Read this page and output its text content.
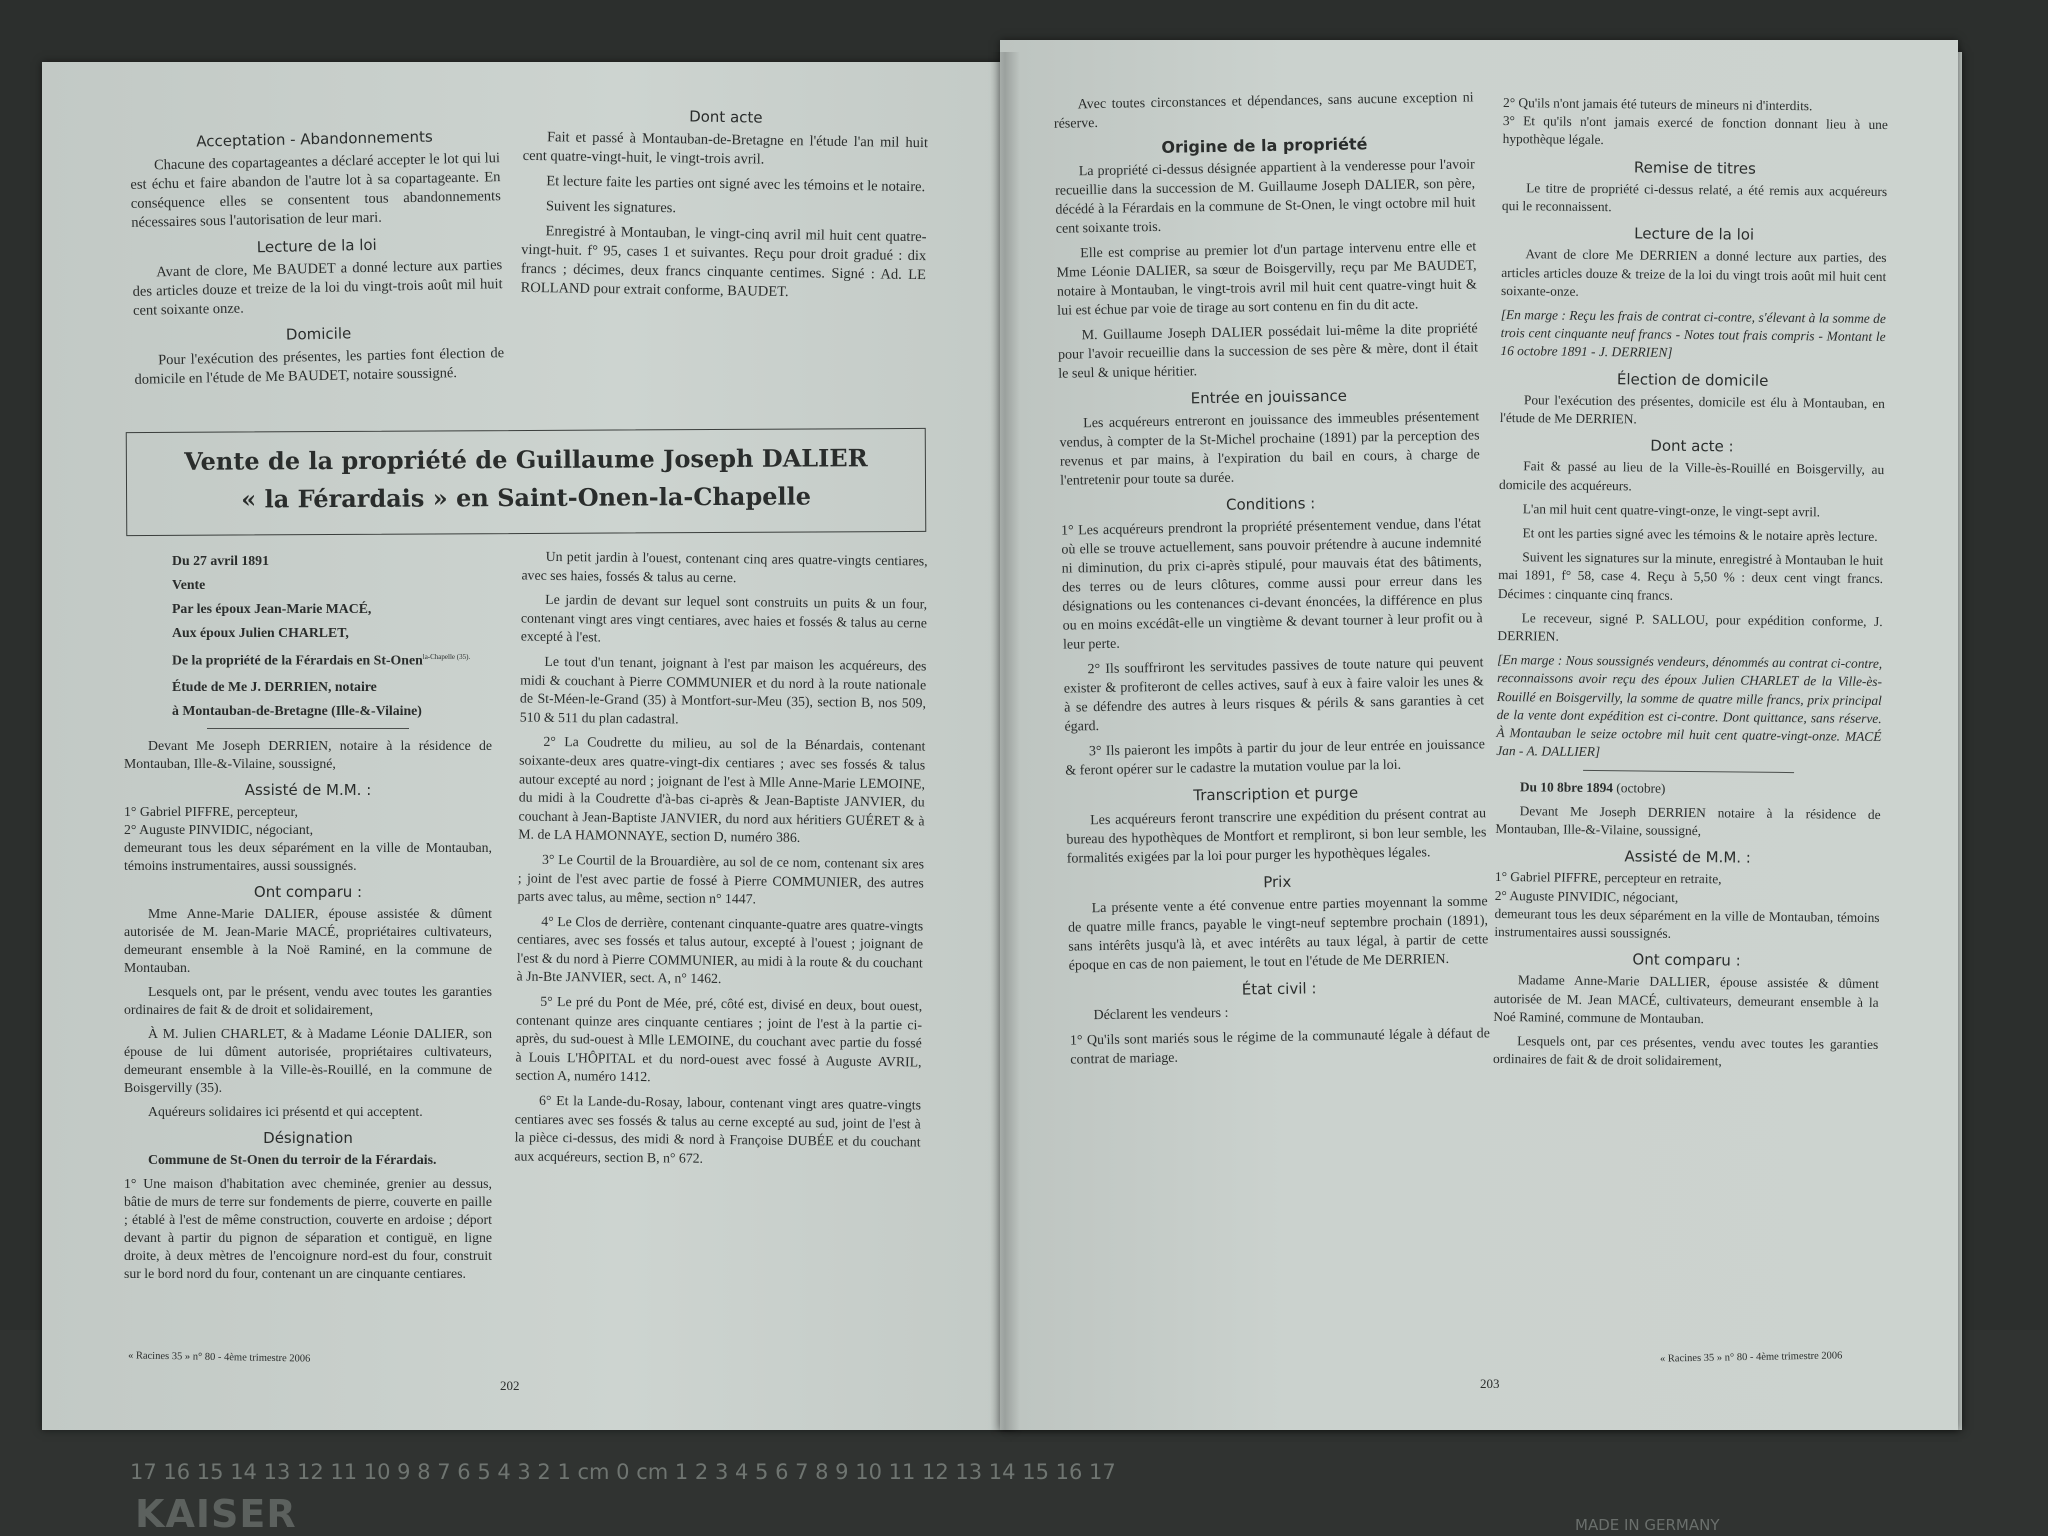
17 16 15 14 13 12 11 10 9 8 7 6 5 4 3 2 1 cm 0 cm 1 2 3 4 5 6 7 8 9 10 11 12 13 14 15 16 17
KAISER	MADE IN GERMANY
Acceptation - Abandonnements

Chacune des copartageantes a déclaré accepter le lot qui lui est échu et faire abandon de l'autre lot à sa copartageante. En conséquence elles se consentent tous abandonnements nécessaires sous l'autorisation de leur mari.

Lecture de la loi

Avant de clore, Me BAUDET a donné lecture aux parties des articles douze et treize de la loi du vingt-trois août mil huit cent soixante onze.

Domicile

Pour l'exécution des présentes, les parties font élection de domicile en l'étude de Me BAUDET, notaire soussigné.

Dont acte

Fait et passé à Montauban-de-Bretagne en l'étude l'an mil huit cent quatre-vingt-huit, le vingt-trois avril.

Et lecture faite les parties ont signé avec les témoins et le notaire.

Suivent les signatures.

Enregistré à Montauban, le vingt-cinq avril mil huit cent quatre-vingt-huit. f° 95, cases 1 et suivantes. Reçu pour droit gradué : dix francs ; décimes, deux francs cinquante centimes. Signé : Ad. LE ROLLAND pour extrait conforme, BAUDET.

Vente de la propriété de Guillaume Joseph DALIER
« la Férardais » en Saint-Onen-la-Chapelle

Du 27 avril 1891

Vente

Par les époux Jean-Marie MACÉ,

Aux époux Julien CHARLET,

De la propriété de la Férardais en St-Onen$^{la-Chapelle (35).}$

Étude de Me J. DERRIEN, notaire

à Montauban-de-Bretagne (Ille-&-Vilaine)

Devant Me Joseph DERRIEN, notaire à la résidence de Montauban, Ille-&-Vilaine, soussigné,

Assisté de M.M. :

1° Gabriel PIFFRE, percepteur,

2° Auguste PINVIDIC, négociant,

demeurant tous les deux séparément en la ville de Montauban, témoins instrumentaires, aussi soussignés.

Ont comparu :

Mme Anne-Marie DALIER, épouse assistée & dûment autorisée de M. Jean-Marie MACÉ, propriétaires cultivateurs, demeurant ensemble à la Noë Raminé, en la commune de Montauban.

Lesquels ont, par le présent, vendu avec toutes les garanties ordinaires de fait & de droit et solidairement,

À M. Julien CHARLET, & à Madame Léonie DALIER, son épouse de lui dûment autorisée, propriétaires cultivateurs, demeurant ensemble à la Ville-ès-Rouillé, en la commune de Boisgervilly (35).

Aquéreurs solidaires ici présentd et qui acceptent.

Désignation

Commune de St-Onen du terroir de la Férardais.

1° Une maison d'habitation avec cheminée, grenier au dessus, bâtie de murs de terre sur fondements de pierre, couverte en paille ; établé à l'est de même construction, couverte en ardoise ; déport devant à partir du pignon de séparation et contiguë, en ligne droite, à deux mètres de l'encoignure nord-est du four, construit sur le bord nord du four, contenant un are cinquante centiares.

Un petit jardin à l'ouest, contenant cinq ares quatre-vingts centiares, avec ses haies, fossés & talus au cerne.

Le jardin de devant sur lequel sont construits un puits & un four, contenant vingt ares vingt centiares, avec haies et fossés & talus au cerne excepté à l'est.

Le tout d'un tenant, joignant à l'est par maison les acquéreurs, des midi & couchant à Pierre COMMUNIER et du nord à la route nationale de St-Méen-le-Grand (35) à Montfort-sur-Meu (35), section B, nos 509, 510 & 511 du plan cadastral.

2° La Coudrette du milieu, au sol de la Bénardais, contenant soixante-deux ares quatre-vingt-dix centiares ; avec ses fossés & talus autour excepté au nord ; joignant de l'est à Mlle Anne-Marie LEMOINE, du midi à la Coudrette d'à-bas ci-après & Jean-Baptiste JANVIER, du couchant à Jean-Baptiste JANVIER, du nord aux héritiers GUÉRET & à M. de LA HAMONNAYE, section D, numéro 386.

3° Le Courtil de la Brouardière, au sol de ce nom, contenant six ares ; joint de l'est avec partie de fossé à Pierre COMMUNIER, des autres parts avec talus, au même, section n° 1447.

4° Le Clos de derrière, contenant cinquante-quatre ares quatre-vingts centiares, avec ses fossés et talus autour, excepté à l'ouest ; joignant de l'est & du nord à Pierre COMMUNIER, au midi à la route & du couchant à Jn-Bte JANVIER, sect. A, n° 1462.

5° Le pré du Pont de Mée, pré, côté est, divisé en deux, bout ouest, contenant quinze ares cinquante centiares ; joint de l'est à la partie ci-après, du sud-ouest à Mlle LEMOINE, du couchant avec partie du fossé à Louis L'HÔPITAL et du nord-ouest avec fossé à Auguste AVRIL, section A, numéro 1412.

6° Et la Lande-du-Rosay, labour, contenant vingt ares quatre-vingts centiares avec ses fossés & talus au cerne excepté au sud, joint de l'est à la pièce ci-dessus, des midi & nord à Françoise DUBÉE et du couchant aux acquéreurs, section B, n° 672.

« Racines 35 » n° 80 - 4ème trimestre 2006
202

Avec toutes circonstances et dépendances, sans aucune exception ni réserve.

Origine de la propriété

La propriété ci-dessus désignée appartient à la venderesse pour l'avoir recueillie dans la succession de M. Guillaume Joseph DALIER, son père, décédé à la Férardais en la commune de St-Onen, le vingt octobre mil huit cent soixante trois.

Elle est comprise au premier lot d'un partage intervenu entre elle et Mme Léonie DALIER, sa sœur de Boisgervilly, reçu par Me BAUDET, notaire à Montauban, le vingt-trois avril mil huit cent quatre-vingt huit & lui est échue par voie de tirage au sort contenu en fin du dit acte.

M. Guillaume Joseph DALIER possédait lui-même la dite propriété pour l'avoir recueillie dans la succession de ses père & mère, dont il était le seul & unique héritier.

Entrée en jouissance

Les acquéreurs entreront en jouissance des immeubles présentement vendus, à compter de la St-Michel prochaine (1891) par la perception des revenus et par mains, à l'expiration du bail en cours, à charge de l'entretenir pour toute sa durée.

Conditions :

1° Les acquéreurs prendront la propriété présentement vendue, dans l'état où elle se trouve actuellement, sans pouvoir prétendre à aucune indemnité ni diminution, du prix ci-après stipulé, pour mauvais état des bâtiments, des terres ou de leurs clôtures, comme aussi pour erreur dans les désignations ou les contenances ci-devant énoncées, la différence en plus ou en moins excédât-elle un vingtième & devant tourner à leur profit ou à leur perte.

2° Ils souffriront les servitudes passives de toute nature qui peuvent exister & profiteront de celles actives, sauf à eux à faire valoir les unes & à se défendre des autres à leurs risques & périls & sans garanties à cet égard.

3° Ils paieront les impôts à partir du jour de leur entrée en jouissance & feront opérer sur le cadastre la mutation voulue par la loi.

Transcription et purge

Les acquéreurs feront transcrire une expédition du présent contrat au bureau des hypothèques de Montfort et rempliront, si bon leur semble, les formalités exigées par la loi pour purger les hypothèques légales.

Prix

La présente vente a été convenue entre parties moyennant la somme de quatre mille francs, payable le vingt-neuf septembre prochain (1891), sans intérêts jusqu'à là, et avec intérêts au taux légal, à partir de cette époque en cas de non paiement, le tout en l'étude de Me DERRIEN.

État civil :

Déclarent les vendeurs :

1° Qu'ils sont mariés sous le régime de la communauté légale à défaut de contrat de mariage.

2° Qu'ils n'ont jamais été tuteurs de mineurs ni d'interdits.

3° Et qu'ils n'ont jamais exercé de fonction donnant lieu à une hypothèque légale.

Remise de titres

Le titre de propriété ci-dessus relaté, a été remis aux acquéreurs qui le reconnaissent.

Lecture de la loi

Avant de clore Me DERRIEN a donné lecture aux parties, des articles articles douze & treize de la loi du vingt trois août mil huit cent soixante-onze.

[En marge : Reçu les frais de contrat ci-contre, s'élevant à la somme de trois cent cinquante neuf francs - Notes tout frais compris - Montant le 16 octobre 1891 - J. DERRIEN]

Élection de domicile

Pour l'exécution des présentes, domicile est élu à Montauban, en l'étude de Me DERRIEN.

Dont acte :

Fait & passé au lieu de la Ville-ès-Rouillé en Boisgervilly, au domicile des acquéreurs.

L'an mil huit cent quatre-vingt-onze, le vingt-sept avril.

Et ont les parties signé avec les témoins & le notaire après lecture.

Suivent les signatures sur la minute, enregistré à Montauban le huit mai 1891, f° 58, case 4. Reçu à 5,50 % : deux cent vingt francs. Décimes : cinquante cinq francs.

Le receveur, signé P. SALLOU, pour expédition conforme, J. DERRIEN.

[En marge : Nous soussignés vendeurs, dénommés au contrat ci-contre, reconnaissons avoir reçu des époux Julien CHARLET de la Ville-ès-Rouillé en Boisgervilly, la somme de quatre mille francs, prix principal de la vente dont expédition est ci-contre. Dont quittance, sans réserve. À Montauban le seize octobre mil huit cent quatre-vingt-onze. MACÉ Jan - A. DALLIER]

Du 10 8bre 1894 (octobre)

Devant Me Joseph DERRIEN notaire à la résidence de Montauban, Ille-&-Vilaine, soussigné,

Assisté de M.M. :

1° Gabriel PIFFRE, percepteur en retraite,

2° Auguste PINVIDIC, négociant,

demeurant tous les deux séparément en la ville de Montauban, témoins instrumentaires aussi soussignés.

Ont comparu :

Madame Anne-Marie DALLIER, épouse assistée & dûment autorisée de M. Jean MACÉ, cultivateurs, demeurant ensemble à la Noé Raminé, commune de Montauban.

Lesquels ont, par ces présentes, vendu avec toutes les garanties ordinaires de fait & de droit solidairement,

203
« Racines 35 » n° 80 - 4ème trimestre 2006
